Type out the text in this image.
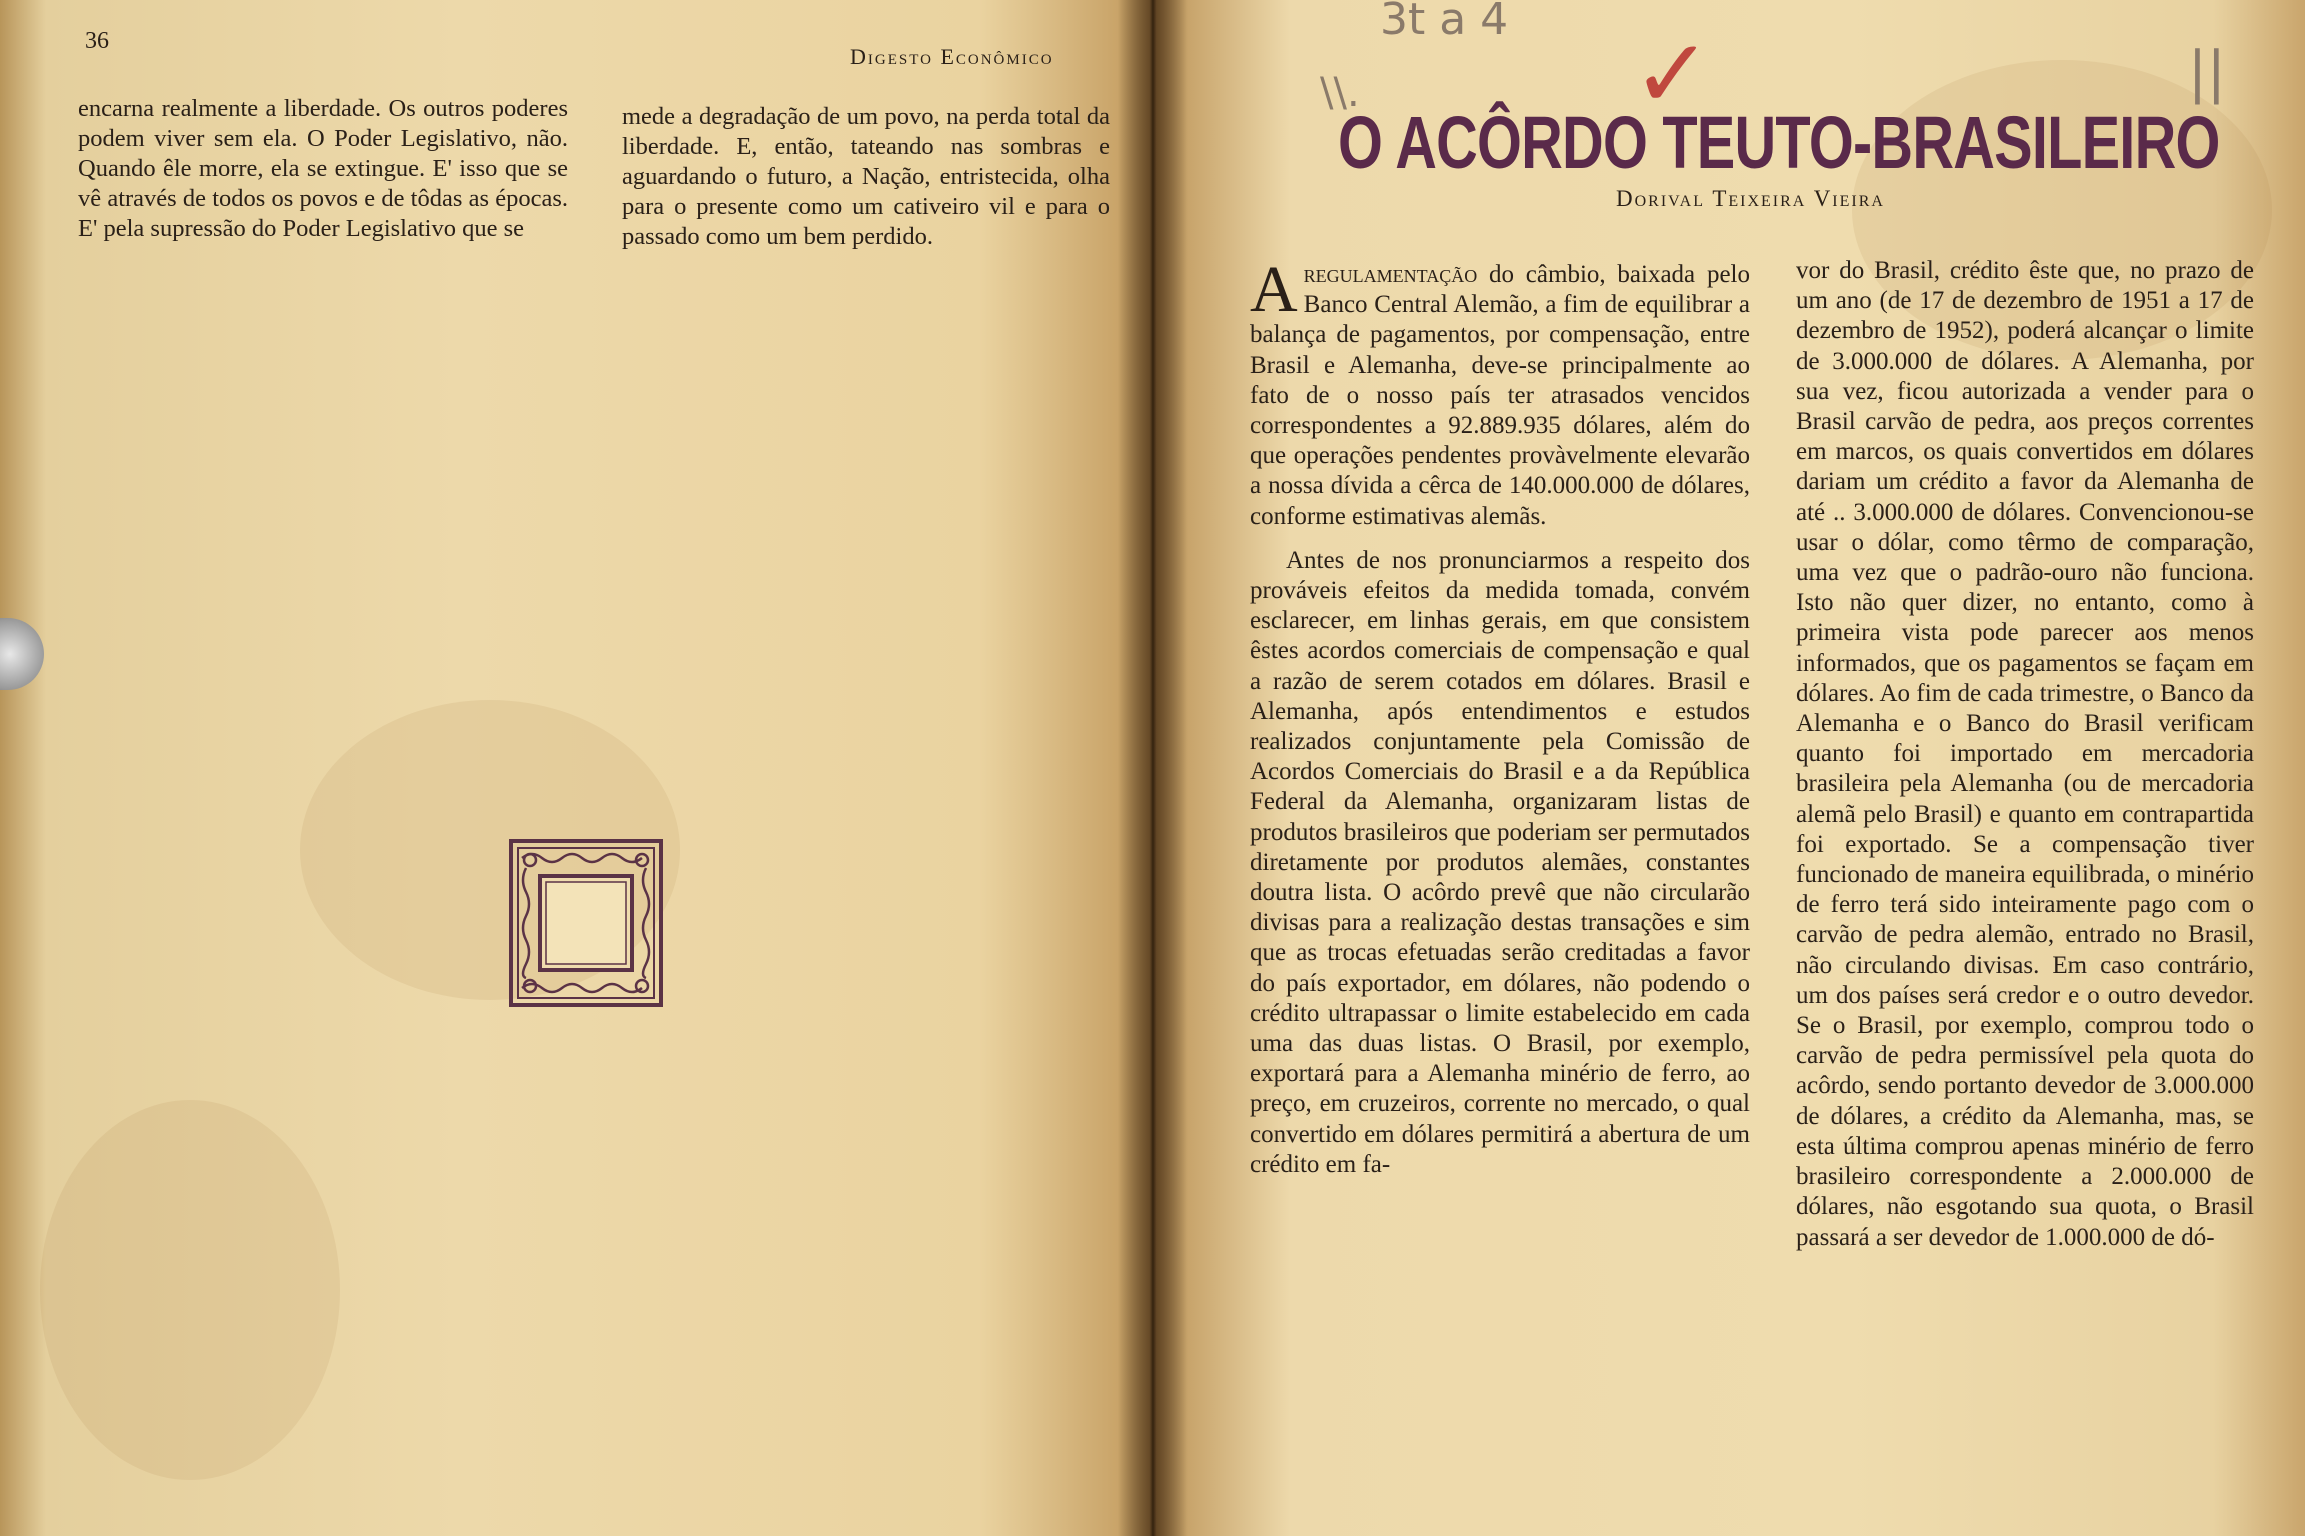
36
Digesto Econômico

encarna realmente a liberdade. Os outros poderes podem viver sem ela. O Poder Legislativo, não. Quando êle morre, ela se extingue. E' isso que se vê através de todos os povos e de tôdas as épocas. E' pela supressão do Poder Legislativo que se

mede a degradação de um povo, na perda total da liberdade. E, então, tateando nas sombras e aguardando o futuro, a Nação, entristecida, olha para o presente como um cativeiro vil e para o passado como um bem perdido.

3t a 4
\\.	✓	||
O ACÔRDO TEUTO-BRASILEIRO
Dorival Teixeira Vieira

Aregulamentação do câmbio, baixada pelo Banco Central Alemão, a fim de equilibrar a balança de pagamentos, por compensação, entre Brasil e Alemanha, deve-se principalmente ao fato de o nosso país ter atrasados vencidos correspondentes a 92.889.935 dólares, além do que operações pendentes provàvelmente elevarão a nossa dívida a cêrca de 140.000.000 de dólares, conforme estimativas alemãs.

Antes de nos pronunciarmos a respeito dos prováveis efeitos da medida tomada, convém esclarecer, em linhas gerais, em que consistem êstes acordos comerciais de compensação e qual a razão de serem cotados em dólares. Brasil e Alemanha, após entendimentos e estudos realizados conjuntamente pela Comissão de Acordos Comerciais do Brasil e a da República Federal da Alemanha, organizaram listas de produtos brasileiros que poderiam ser permutados diretamente por produtos alemães, constantes doutra lista. O acôrdo prevê que não circularão divisas para a realização destas transações e sim que as trocas efetuadas serão creditadas a favor do país exportador, em dólares, não podendo o crédito ultrapassar o limite estabelecido em cada uma das duas listas. O Brasil, por exemplo, exportará para a Alemanha minério de ferro, ao preço, em cruzeiros, corrente no mercado, o qual convertido em dólares permitirá a abertura de um crédito em fa-

vor do Brasil, crédito êste que, no prazo de um ano (de 17 de dezembro de 1951 a 17 de dezembro de 1952), poderá alcançar o limite de 3.000.000 de dólares. A Alemanha, por sua vez, ficou autorizada a vender para o Brasil carvão de pedra, aos preços correntes em marcos, os quais convertidos em dólares dariam um crédito a favor da Alemanha de até .. 3.000.000 de dólares. Convencionou-se usar o dólar, como têrmo de comparação, uma vez que o padrão-ouro não funciona. Isto não quer dizer, no entanto, como à primeira vista pode parecer aos menos informados, que os pagamentos se façam em dólares. Ao fim de cada trimestre, o Banco da Alemanha e o Banco do Brasil verificam quanto foi importado em mercadoria brasileira pela Alemanha (ou de mercadoria alemã pelo Brasil) e quanto em contrapartida foi exportado. Se a compensação tiver funcionado de maneira equilibrada, o minério de ferro terá sido inteiramente pago com o carvão de pedra alemão, entrado no Brasil, não circulando divisas. Em caso contrário, um dos países será credor e o outro devedor. Se o Brasil, por exemplo, comprou todo o carvão de pedra permissível pela quota do acôrdo, sendo portanto devedor de 3.000.000 de dólares, a crédito da Alemanha, mas, se esta última comprou apenas minério de ferro brasileiro correspondente a 2.000.000 de dólares, não esgotando sua quota, o Brasil passará a ser devedor de 1.000.000 de dó-
